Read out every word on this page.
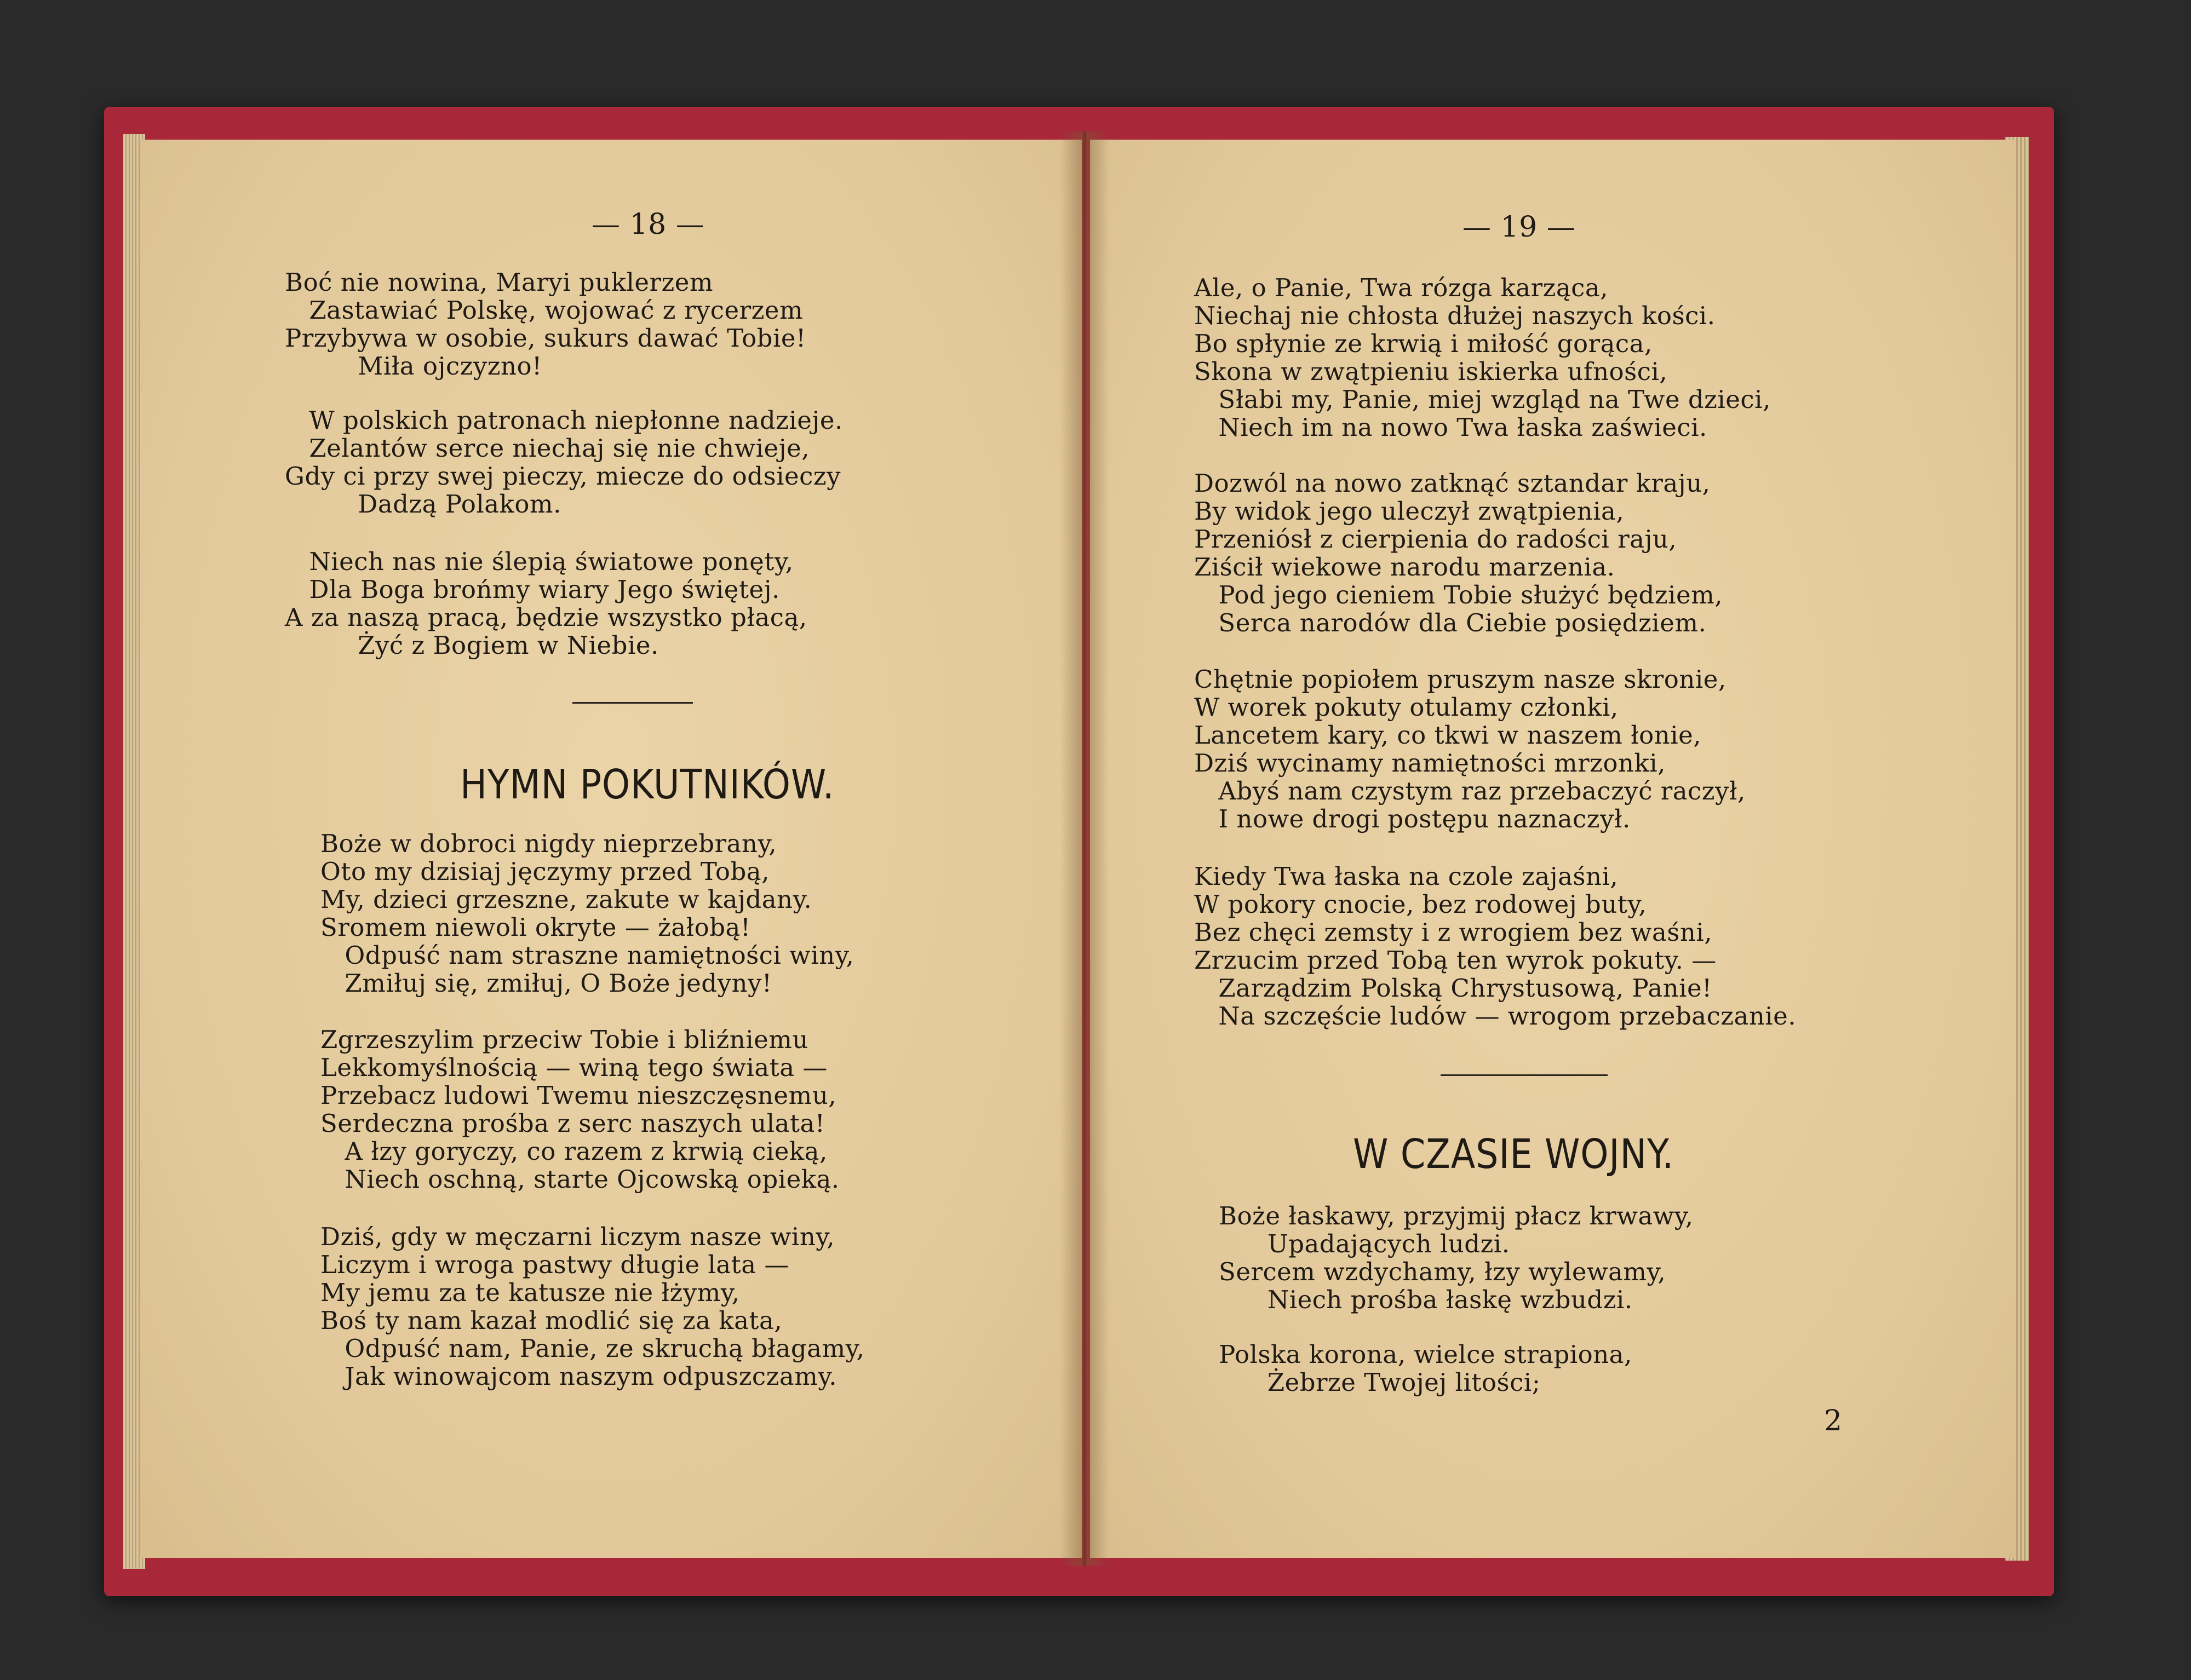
— 18 —

Boć nie nowina, Maryi puklerzem
Zastawiać Polskę, wojować z rycerzem
Przybywa w osobie, sukurs dawać Tobie!
Miła ojczyzno!

W polskich patronach niepłonne nadzieje.
Zelantów serce niechaj się nie chwieje,
Gdy ci przy swej pieczy, miecze do odsieczy
Dadzą Polakom.

Niech nas nie ślepią światowe ponęty,
Dla Boga brońmy wiary Jego świętej.
A za naszą pracą, będzie wszystko płacą,
Żyć z Bogiem w Niebie.

HYMN POKUTNIKÓW.

Boże w dobroci nigdy nieprzebrany,
Oto my dzisiaj jęczymy przed Tobą,
My, dzieci grzeszne, zakute w kajdany.
Sromem niewoli okryte — żałobą!
Odpuść nam straszne namiętności winy,
Zmiłuj się, zmiłuj, O Boże jedyny!

Zgrzeszylim przeciw Tobie i bliźniemu
Lekkomyślnością — winą tego świata —
Przebacz ludowi Twemu nieszczęsnemu,
Serdeczna prośba z serc naszych ulata!
A łzy goryczy, co razem z krwią cieką,
Niech oschną, starte Ojcowską opieką.

Dziś, gdy w męczarni liczym nasze winy,
Liczym i wroga pastwy długie lata —
My jemu za te katusze nie łżymy,
Boś ty nam kazał modlić się za kata,
Odpuść nam, Panie, ze skruchą błagamy,
Jak winowajcom naszym odpuszczamy.

— 19 —

Ale, o Panie, Twa rózga karząca,
Niechaj nie chłosta dłużej naszych kości.
Bo spłynie ze krwią i miłość gorąca,
Skona w zwątpieniu iskierka ufności,
Słabi my, Panie, miej wzgląd na Twe dzieci,
Niech im na nowo Twa łaska zaświeci.

Dozwól na nowo zatknąć sztandar kraju,
By widok jego uleczył zwątpienia,
Przeniósł z cierpienia do radości raju,
Ziścił wiekowe narodu marzenia.
Pod jego cieniem Tobie służyć będziem,
Serca narodów dla Ciebie posiędziem.

Chętnie popiołem pruszym nasze skronie,
W worek pokuty otulamy członki,
Lancetem kary, co tkwi w naszem łonie,
Dziś wycinamy namiętności mrzonki,
Abyś nam czystym raz przebaczyć raczył,
I nowe drogi postępu naznaczył.

Kiedy Twa łaska na czole zajaśni,
W pokory cnocie, bez rodowej buty,
Bez chęci zemsty i z wrogiem bez waśni,
Zrzucim przed Tobą ten wyrok pokuty. —
Zarządzim Polską Chrystusową, Panie!
Na szczęście ludów — wrogom przebaczanie.

W CZASIE WOJNY.

Boże łaskawy, przyjmij płacz krwawy,
Upadających ludzi.
Sercem wzdychamy, łzy wylewamy,
Niech prośba łaskę wzbudzi.

Polska korona, wielce strapiona,
Żebrze Twojej litości;

2
